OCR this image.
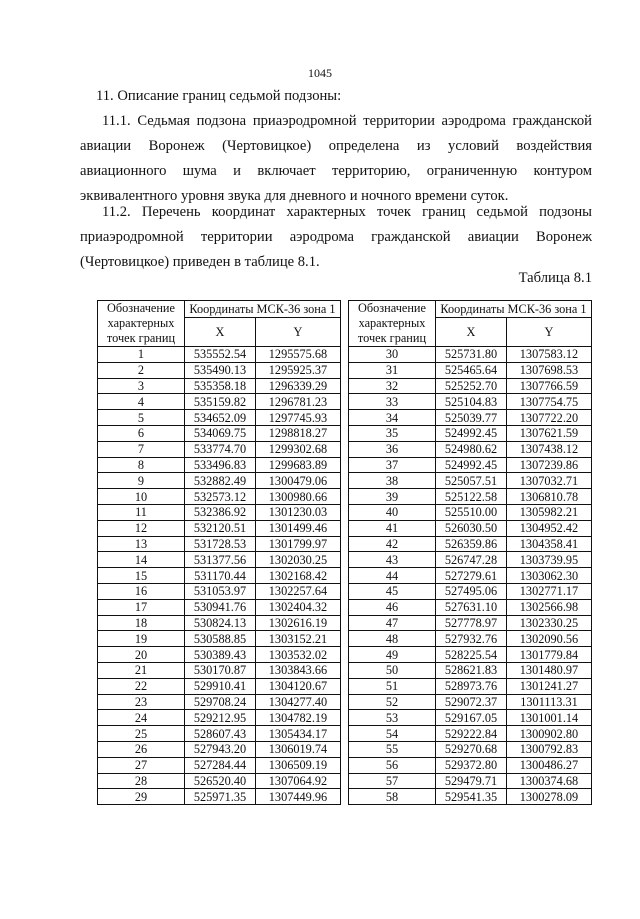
1045
11. Описание границ седьмой подзоны:
11.1. Седьмая подзона приаэродромной территории аэродрома гражданской авиации Воронеж (Чертовицкое) определена из условий воздействия авиационного шума и включает территорию, ограниченную контуром эквивалентного уровня звука для дневного и ночного времени суток.
11.2. Перечень координат характерных точек границ седьмой подзоны приаэродромной территории аэродрома гражданской авиации Воронеж (Чертовицкое) приведен в таблице 8.1.
Таблица 8.1
Обозначение характерных точек границ	Координаты МСК-36 зона 1	
	X	Y
1	535552.54	1295575.68
2	535490.13	1295925.37
3	535358.18	1296339.29
4	535159.82	1296781.23
5	534652.09	1297745.93
6	534069.75	1298818.27
7	533774.70	1299302.68
8	533496.83	1299683.89
9	532882.49	1300479.06
10	532573.12	1300980.66
11	532386.92	1301230.03
12	532120.51	1301499.46
13	531728.53	1301799.97
14	531377.56	1302030.25
15	531170.44	1302168.42
16	531053.97	1302257.64
17	530941.76	1302404.32
18	530824.13	1302616.19
19	530588.85	1303152.21
20	530389.43	1303532.02
21	530170.87	1303843.66
22	529910.41	1304120.67
23	529708.24	1304277.40
24	529212.95	1304782.19
25	528607.43	1305434.17
26	527943.20	1306019.74
27	527284.44	1306509.19
28	526520.40	1307064.92
29	525971.35	1307449.96
Обозначение характерных точек границ	Координаты МСК-36 зона 1	
	X	Y
30	525731.80	1307583.12
31	525465.64	1307698.53
32	525252.70	1307766.59
33	525104.83	1307754.75
34	525039.77	1307722.20
35	524992.45	1307621.59
36	524980.62	1307438.12
37	524992.45	1307239.86
38	525057.51	1307032.71
39	525122.58	1306810.78
40	525510.00	1305982.21
41	526030.50	1304952.42
42	526359.86	1304358.41
43	526747.28	1303739.95
44	527279.61	1303062.30
45	527495.06	1302771.17
46	527631.10	1302566.98
47	527778.97	1302330.25
48	527932.76	1302090.56
49	528225.54	1301779.84
50	528621.83	1301480.97
51	528973.76	1301241.27
52	529072.37	1301113.31
53	529167.05	1301001.14
54	529222.84	1300902.80
55	529270.68	1300792.83
56	529372.80	1300486.27
57	529479.71	1300374.68
58	529541.35	1300278.09
